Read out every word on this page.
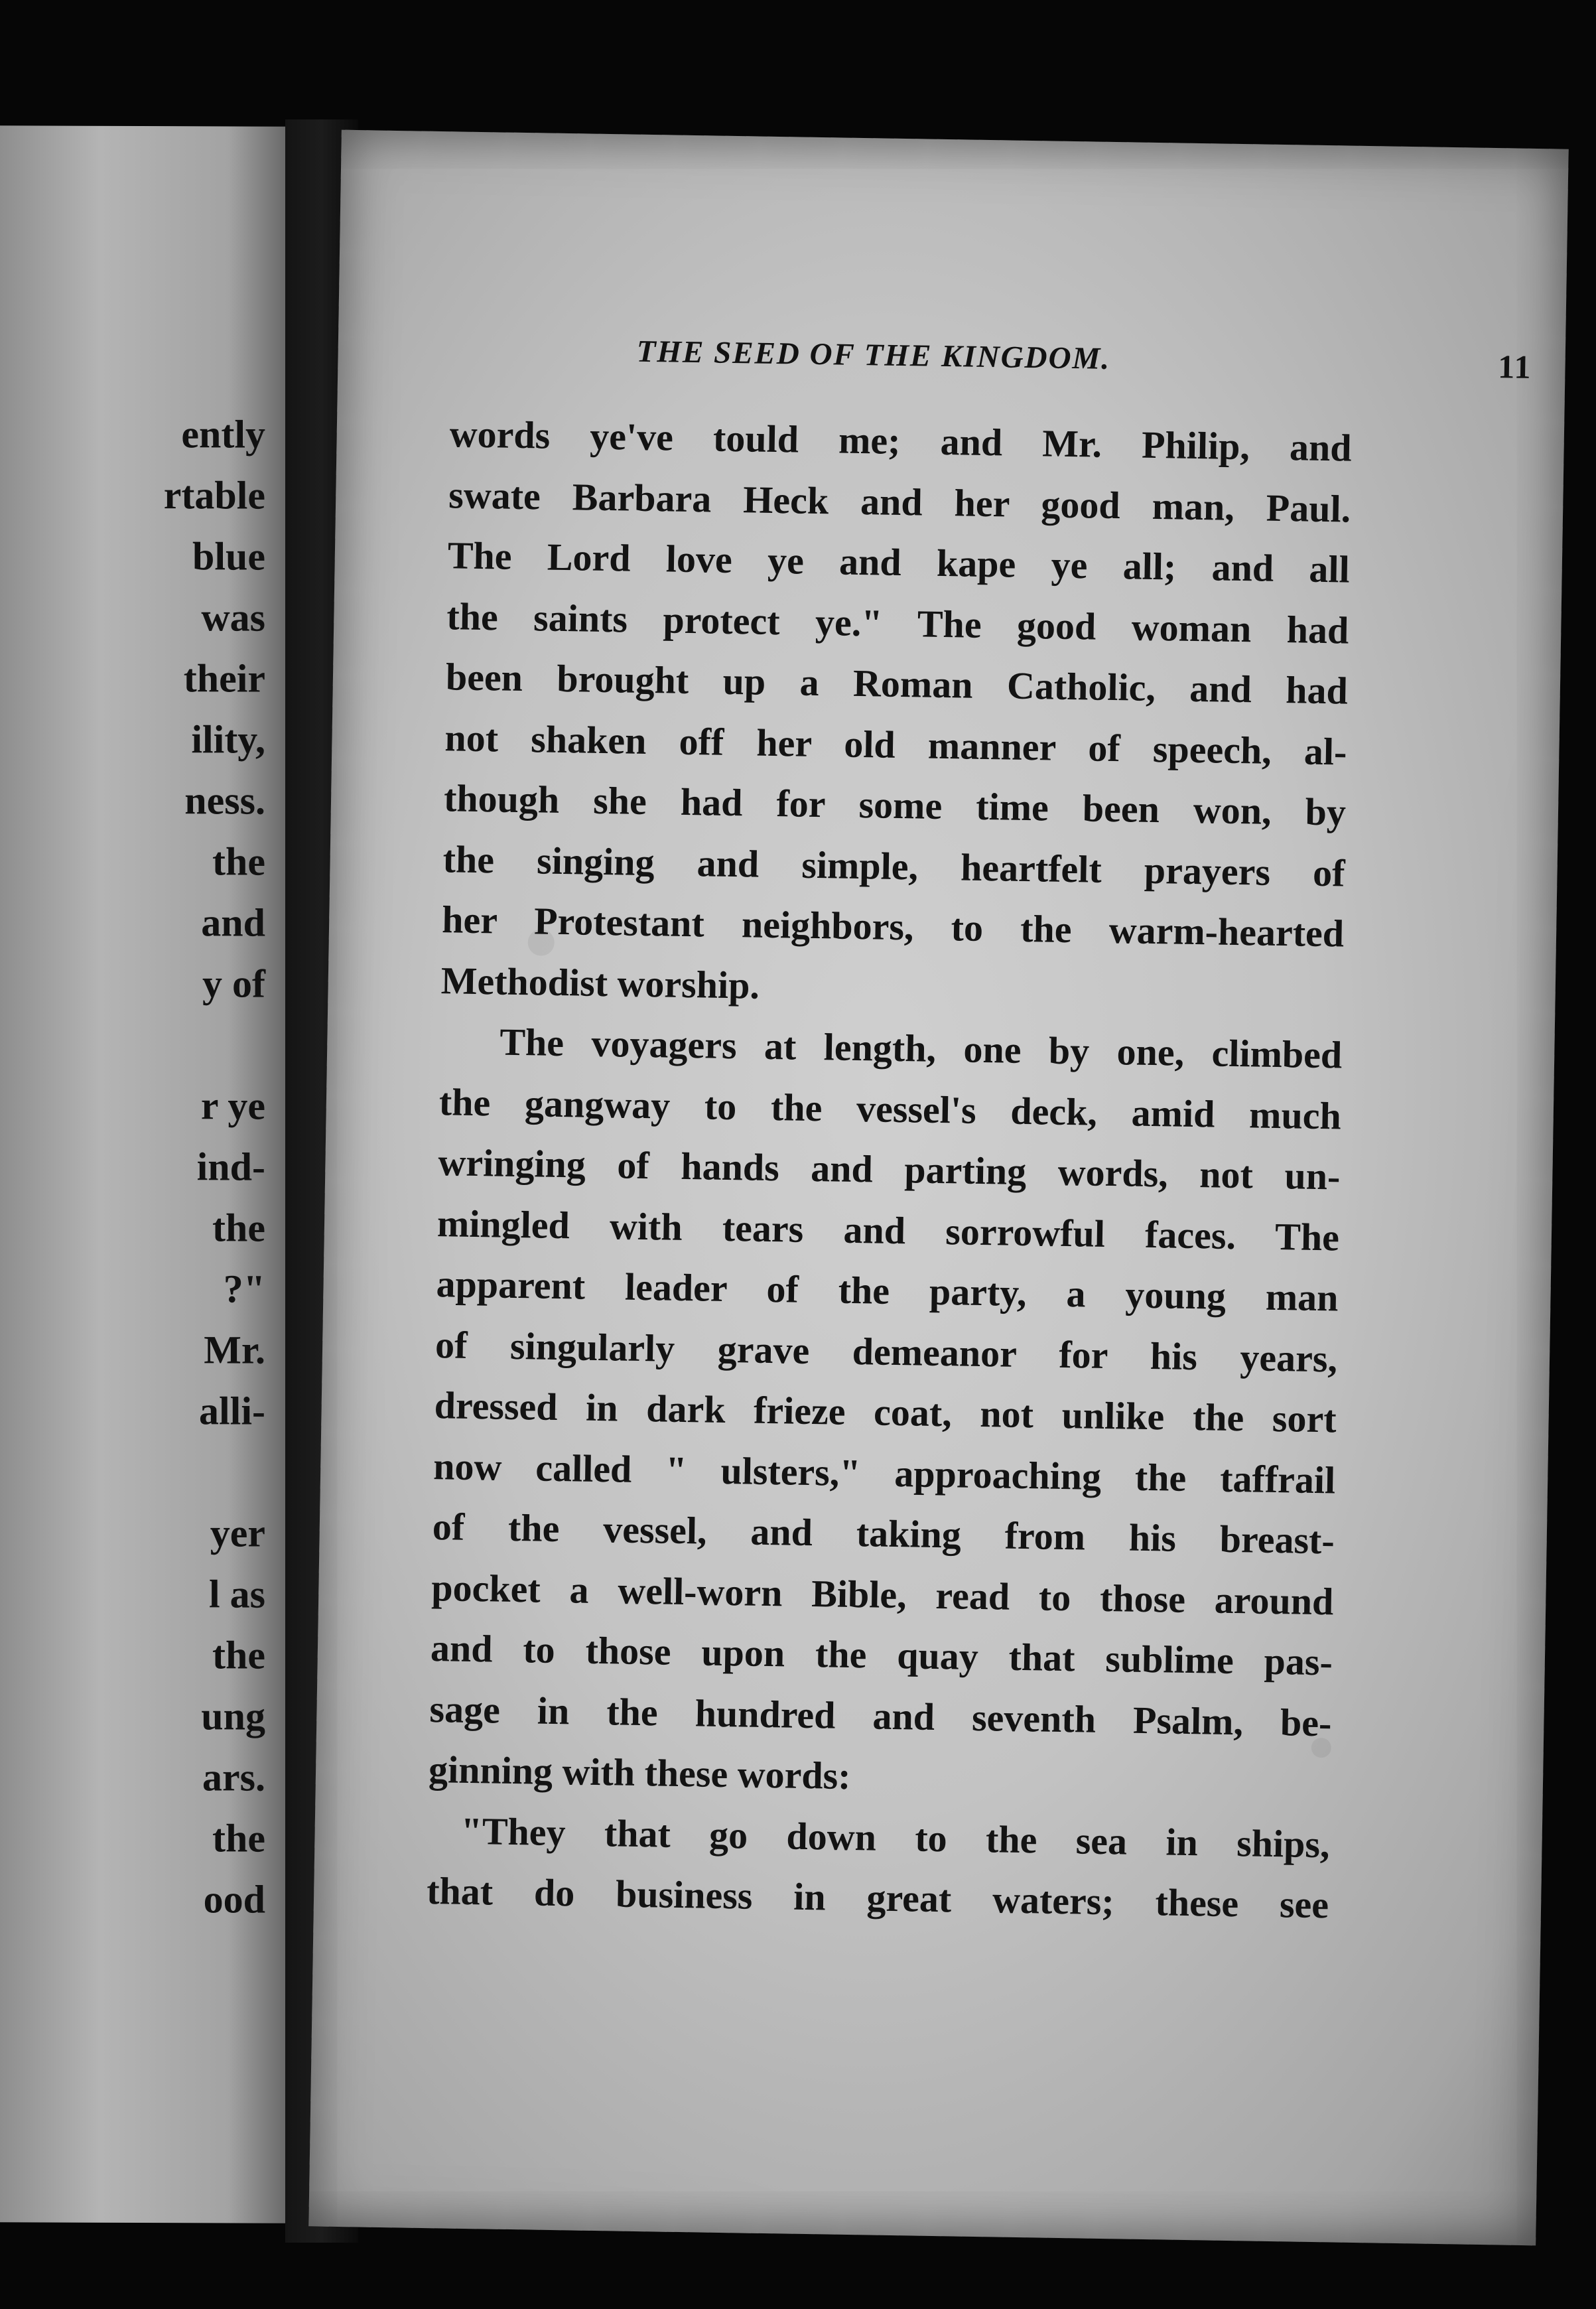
ently
rtable
blue
was
their
ility,
ness.
the
and
y of
r ye
ind-
the
?"
Mr.
alli-
yer
l as
the
ung
ars.
the
ood
THE SEED OF THE KINGDOM.	11
words ye've tould me; and Mr. Philip, and
swate Barbara Heck and her good man, Paul.
The Lord love ye and kape ye all; and all
the saints protect ye." The good woman had
been brought up a Roman Catholic, and had
not shaken off her old manner of speech, al-
though she had for some time been won, by
the singing and simple, heartfelt prayers of
her Protestant neighbors, to the warm-hearted
Methodist worship.
The voyagers at length, one by one, climbed
the gangway to the vessel's deck, amid much
wringing of hands and parting words, not un-
mingled with tears and sorrowful faces. The
apparent leader of the party, a young man
of singularly grave demeanor for his years,
dressed in dark frieze coat, not unlike the sort
now called " ulsters," approaching the taffrail
of the vessel, and taking from his breast-
pocket a well-worn Bible, read to those around
and to those upon the quay that sublime pas-
sage in the hundred and seventh Psalm, be-
ginning with these words:
"They that go down to the sea in ships,
that do business in great waters; these see
